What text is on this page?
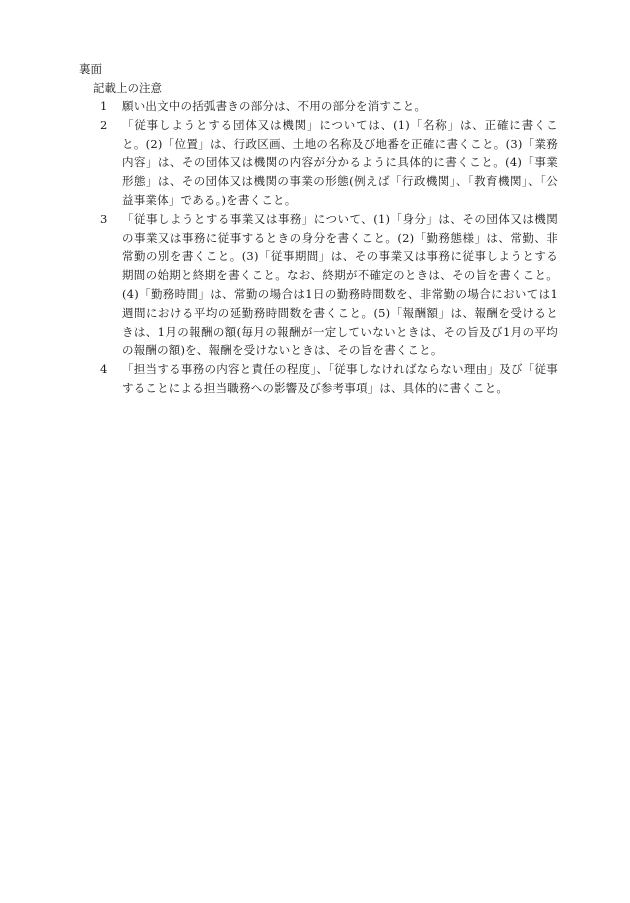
裏面
記載上の注意
1	願い出文中の括弧書きの部分は、不用の部分を消すこと。
2	「従事しようとする団体又は機関」については、(1)「名称」は、正確に書くこと。(2)「位置」は、行政区画、土地の名称及び地番を正確に書くこと。(3)「業務内容」は、その団体又は機関の内容が分かるように具体的に書くこと。(4)「事業形態」は、その団体又は機関の事業の形態(例えば「行政機関」、「教育機関」、「公益事業体」である。)を書くこと。
3	「従事しようとする事業又は事務」について、(1)「身分」は、その団体又は機関の事業又は事務に従事するときの身分を書くこと。(2)「勤務態様」は、常勤、非常勤の別を書くこと。(3)「従事期間」は、その事業又は事務に従事しようとする期間の始期と終期を書くこと。なお、終期が不確定のときは、その旨を書くこと。(4)「勤務時間」は、常勤の場合は1日の勤務時間数を、非常勤の場合においては1週間における平均の延勤務時間数を書くこと。(5)「報酬額」は、報酬を受けるときは、1月の報酬の額(毎月の報酬が一定していないときは、その旨及び1月の平均の報酬の額)を、報酬を受けないときは、その旨を書くこと。
4	「担当する事務の内容と責任の程度」、「従事しなければならない理由」及び「従事することによる担当職務への影響及び参考事項」は、具体的に書くこと。
